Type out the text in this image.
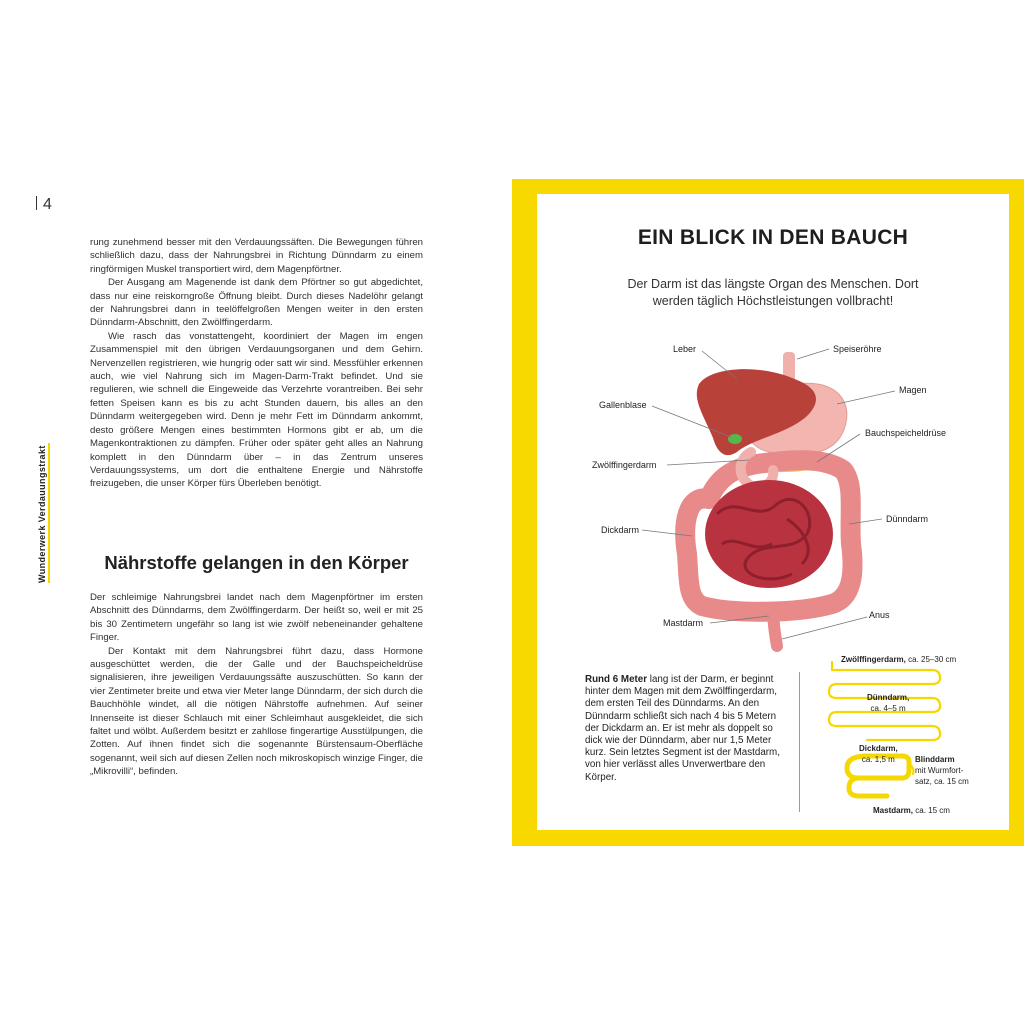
4
Wunderwerk Verdauungstrakt

rung zunehmend besser mit den Verdauungssäften. Die Bewegungen führen schließlich dazu, dass der Nahrungsbrei in Richtung Dünndarm zu einem ringförmigen Muskel transportiert wird, dem Magenpförtner.

Der Ausgang am Magenende ist dank dem Pförtner so gut abgedichtet, dass nur eine reiskorngroße Öffnung bleibt. Durch dieses Nadelöhr gelangt der Nahrungsbrei dann in teelöffelgroßen Mengen weiter in den ersten Dünndarm-Abschnitt, den Zwölffingerdarm.

Wie rasch das vonstattengeht, koordiniert der Magen im engen Zusammenspiel mit den übrigen Verdauungsorganen und dem Gehirn. Nervenzellen registrieren, wie hungrig oder satt wir sind. Messfühler erkennen auch, wie viel Nahrung sich im Magen-Darm-Trakt befindet. Und sie regulieren, wie schnell die Eingeweide das Verzehrte vorantreiben. Bei sehr fetten Speisen kann es bis zu acht Stunden dauern, bis alles an den Dünndarm weitergegeben wird. Denn je mehr Fett im Dünndarm ankommt, desto größere Mengen eines bestimmten Hormons gibt er ab, um die Magenkontraktionen zu dämpfen. Früher oder später geht alles an Nahrung komplett in den Dünndarm über – in das Zentrum unseres Verdauungssystems, um dort die enthaltene Energie und Nährstoffe freizugeben, die unser Körper fürs Überleben benötigt.

Nährstoffe gelangen in den Körper

Der schleimige Nahrungsbrei landet nach dem Magenpförtner im ersten Abschnitt des Dünndarms, dem Zwölffingerdarm. Der heißt so, weil er mit 25 bis 30 Zentimetern ungefähr so lang ist wie zwölf nebeneinander gehaltene Finger.

Der Kontakt mit dem Nahrungsbrei führt dazu, dass Hormone ausgeschüttet werden, die der Galle und der Bauchspeicheldrüse signalisieren, ihre jeweiligen Verdauungssäfte auszuschütten. So kann der vier Zentimeter breite und etwa vier Meter lange Dünndarm, der sich durch die Bauchhöhle windet, all die nötigen Nährstoffe aufnehmen. Auf seiner Innenseite ist dieser Schlauch mit einer Schleimhaut ausgekleidet, die sich faltet und wölbt. Außerdem besitzt er zahllose fingerartige Ausstülpungen, die Zotten. Auf ihnen findet sich die sogenannte Bürstensaum-Oberfläche sogenannt, weil sich auf diesen Zellen noch mikroskopisch winzige Finger, die „Mikrovilli“, befinden.

EIN BLICK IN DEN BAUCH
Der Darm ist das längste Organ des Menschen. Dort werden täglich Höchstleistungen vollbracht!
Leber	Speiseröhre
Magen
Gallenblase
Bauchspeicheldrüse
Zwölffingerdarm
Dünndarm
Dickdarm
Anus
Mastdarm
Rund 6 Meter lang ist der Darm, er beginnt hinter dem Magen mit dem Zwölffingerdarm, dem ersten Teil des Dünndarms. An den Dünndarm schließt sich nach 4 bis 5 Metern der Dickdarm an. Er ist mehr als doppelt so dick wie der Dünndarm, aber nur 1,5 Meter kurz. Sein letztes Segment ist der Mastdarm, von hier verlässt alles Unverwertbare den Körper.
Zwölffingerdarm, ca. 25–30 cm
Dünndarm,
ca. 4–5 m
Dickdarm,
ca. 1,5 m	Blinddarm
mit Wurmfort-
satz, ca. 15 cm
Mastdarm, ca. 15 cm
